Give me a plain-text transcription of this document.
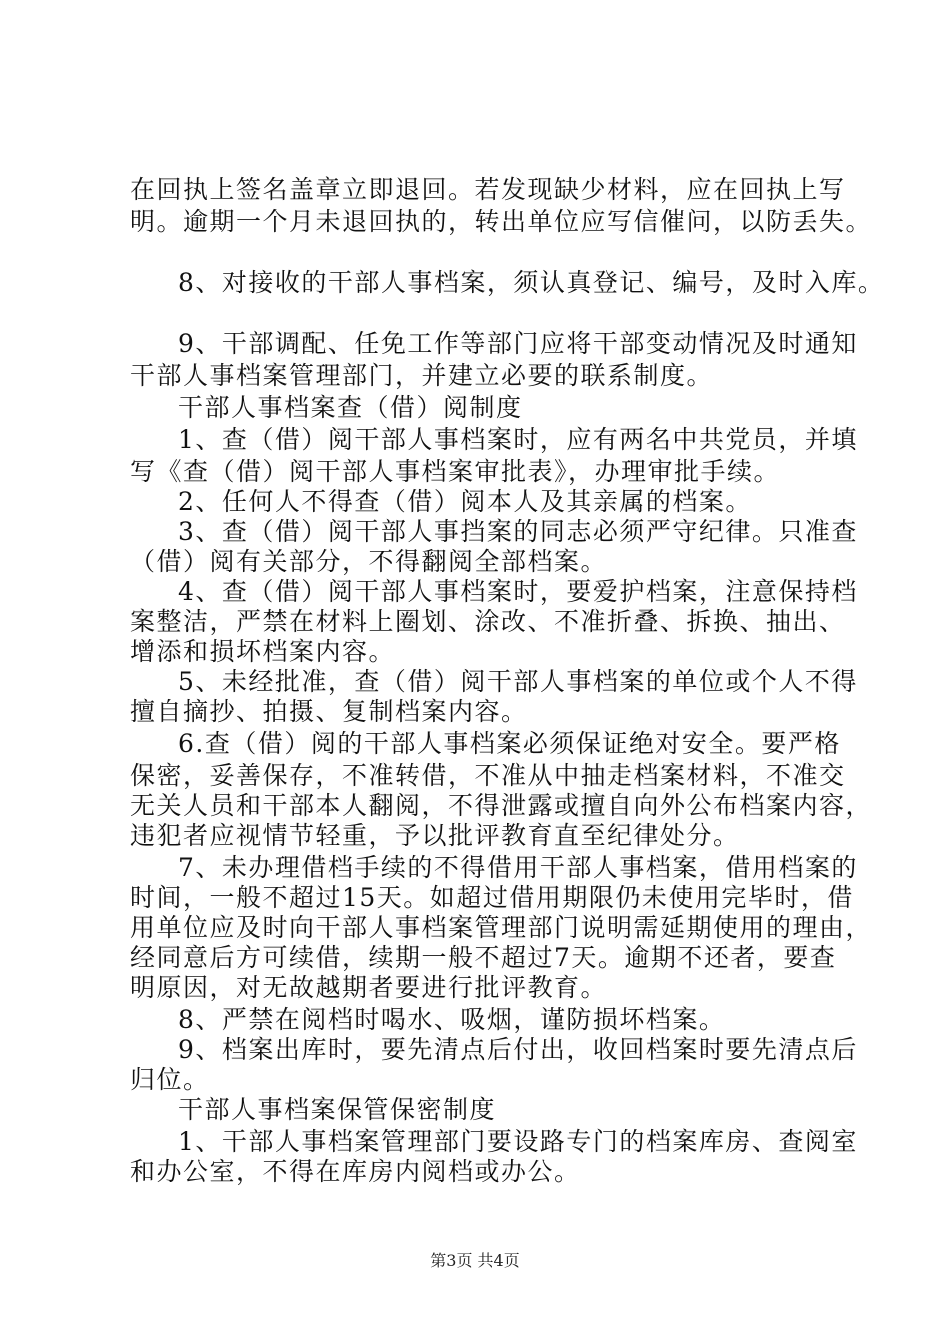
在回执上签名盖章立即退回。若发现缺少材料，应在回执上写
明。逾期一个月未退回执的，转出单位应写信催问，以防丢失。
8、对接收的干部人事档案，须认真登记、编号，及时入库。
9、干部调配、任免工作等部门应将干部变动情况及时通知
干部人事档案管理部门，并建立必要的联系制度。
干部人事档案查（借）阅制度
1、查（借）阅干部人事档案时，应有两名中共党员，并填
写《查（借）阅干部人事档案审批表》，办理审批手续。
2、任何人不得查（借）阅本人及其亲属的档案。
3、查（借）阅干部人事挡案的同志必须严守纪律。只准查
（借）阅有关部分，不得翻阅全部档案。
4、查（借）阅干部人事档案时，要爱护档案，注意保持档
案整洁，严禁在材料上圈划、涂改、不准折叠、拆换、抽出、
增添和损坏档案内容。
5、未经批准，查（借）阅干部人事档案的单位或个人不得
擅自摘抄、拍摄、复制档案内容。
6.查（借）阅的干部人事档案必须保证绝对安全。要严格
保密，妥善保存，不准转借，不准从中抽走档案材料，不准交
无关人员和干部本人翻阅，不得泄露或擅自向外公布档案内容，
违犯者应视情节轻重，予以批评教育直至纪律处分。
7、未办理借档手续的不得借用干部人事档案，借用档案的
时间，一般不超过15天。如超过借用期限仍未使用完毕时，借
用单位应及时向干部人事档案管理部门说明需延期使用的理由，
经同意后方可续借，续期一般不超过7天。逾期不还者，要查
明原因，对无故越期者要进行批评教育。
8、严禁在阅档时喝水、吸烟，谨防损坏档案。
9、档案出库时，要先清点后付出，收回档案时要先清点后
归位。
干部人事档案保管保密制度
1、干部人事档案管理部门要设路专门的档案库房、查阅室
和办公室，不得在库房内阅档或办公。
第3页 共4页
